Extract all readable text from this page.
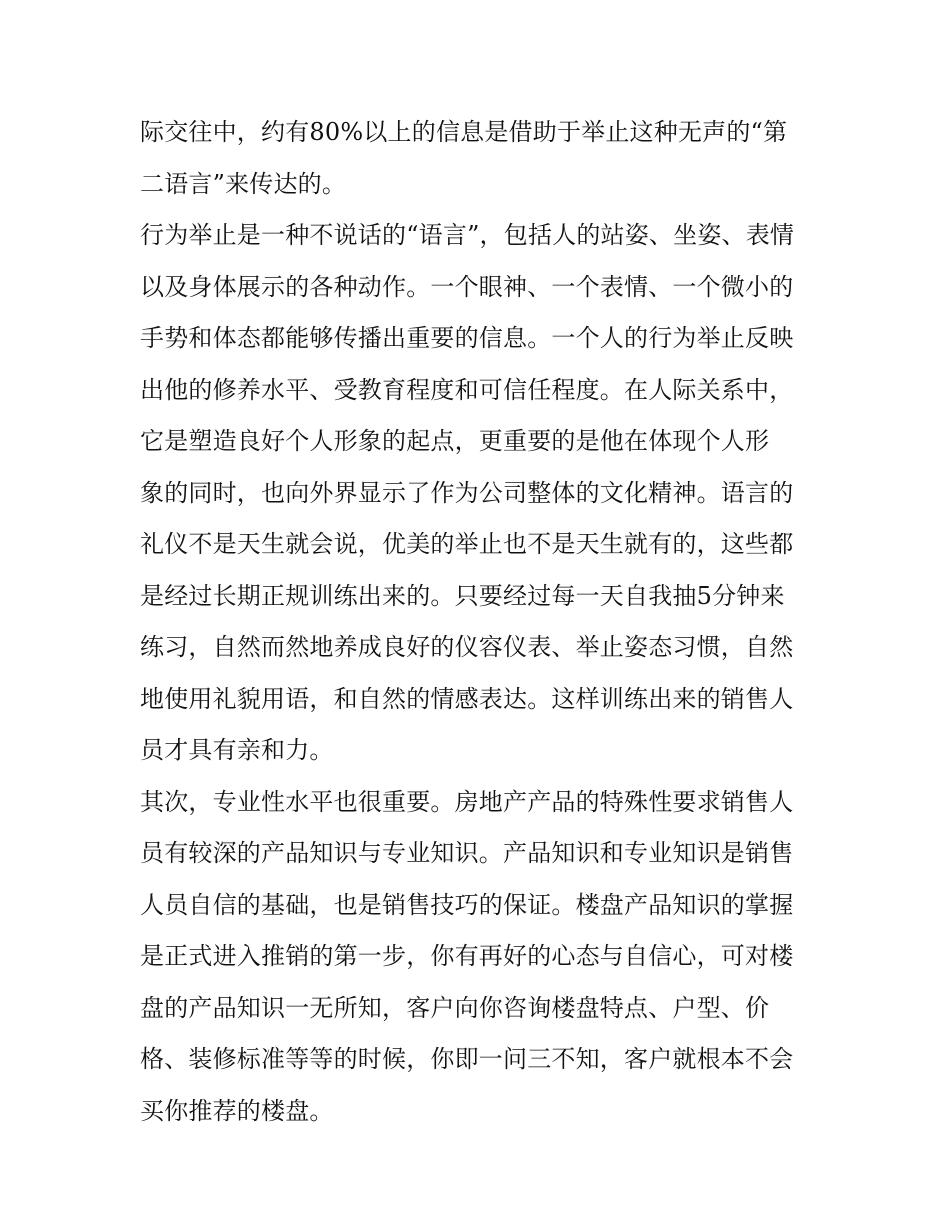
际交往中，约有80%以上的信息是借助于举止这种无声的“第
二语言”来传达的。
行为举止是一种不说话的“语言”，包括人的站姿、坐姿、表情
以及身体展示的各种动作。一个眼神、一个表情、一个微小的
手势和体态都能够传播出重要的信息。一个人的行为举止反映
出他的修养水平、受教育程度和可信任程度。在人际关系中，
它是塑造良好个人形象的起点，更重要的是他在体现个人形
象的同时，也向外界显示了作为公司整体的文化精神。语言的
礼仪不是天生就会说，优美的举止也不是天生就有的，这些都
是经过长期正规训练出来的。只要经过每一天自我抽5分钟来
练习，自然而然地养成良好的仪容仪表、举止姿态习惯，自然
地使用礼貌用语，和自然的情感表达。这样训练出来的销售人
员才具有亲和力。
其次，专业性水平也很重要。房地产产品的特殊性要求销售人
员有较深的产品知识与专业知识。产品知识和专业知识是销售
人员自信的基础，也是销售技巧的保证。楼盘产品知识的掌握
是正式进入推销的第一步，你有再好的心态与自信心，可对楼
盘的产品知识一无所知，客户向你咨询楼盘特点、户型、价
格、装修标准等等的时候，你即一问三不知，客户就根本不会
买你推荐的楼盘。
